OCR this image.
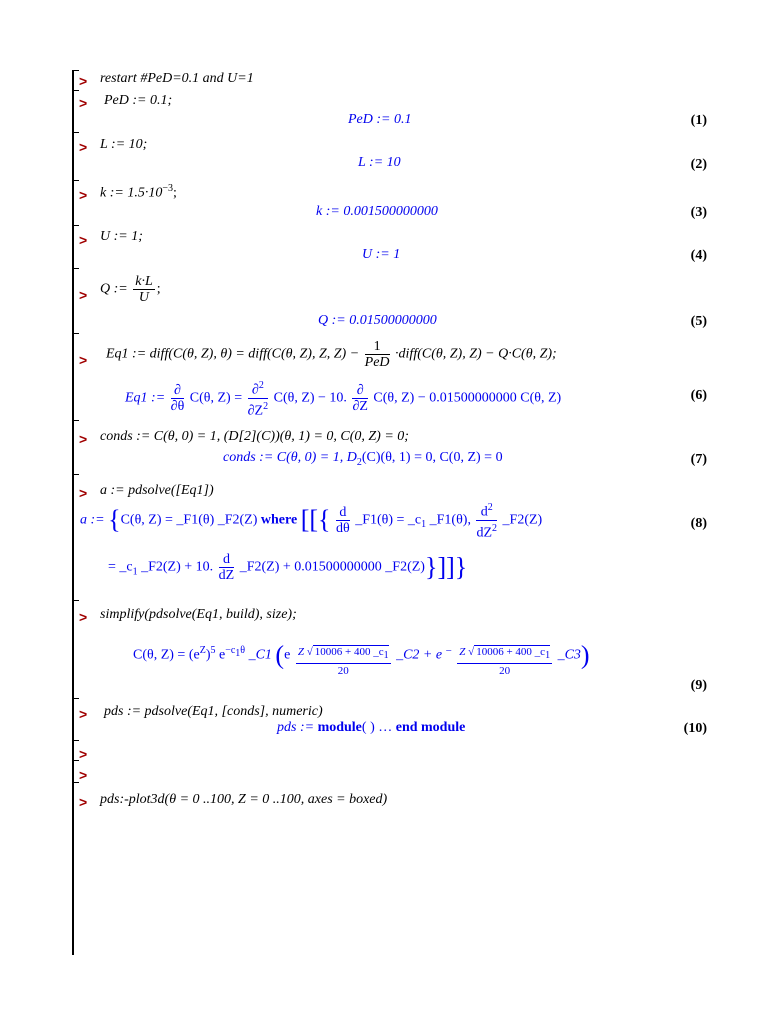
> restart #PeD=0.1 and U=1
> PeD := 0.1;
PeD := 0.1	(1)
> L := 10;
L := 10	(2)
> k := $1.5\cdot 10^{-3}$;
k := 0.001500000000	(3)
> U := 1;
U := 1	(4)
> Q := $\frac{k\cdot L}{U}$ ;
Q := 0.01500000000	(5)
> Eq1 := diff(C(θ, Z), θ) = diff(C(θ, Z), Z, $Z) - \frac{1}{\text{PeD}}$ ·diff(C(θ, Z), Z) − Q·C(θ, Z);
Eq1 := $\frac{\partial}{\partial\theta} C(\theta$, $Z) = \frac{\partial^2}{\partial Z^2} C(\theta$, Z) − 10. $\frac{\partial}{\partial Z} C(\theta$, Z) − 0.01500000000 C(θ, Z)	(6)
> conds := C(θ, 0) = 1, (D[2](C))(θ, 1) = 0, C(0, Z) = 0;
conds := C(θ, 0) = 1, $D_2(C)(\theta$, 1) = 0, C(0, Z) = 0	(7)
> a := pdsolve([Eq1])
a := {C(θ, Z) = _F1(θ) _F2(Z) where [[{ $\frac{d}{d\theta}$ _F1(θ) = $\_c_1$ _F1(θ), $\frac{d^2}{dZ^2}$ _F2(Z)	(8)
= $\_c_1$ _F2(Z) + 10. $\frac{d}{dZ}$ _F2(Z) + 0.01500000000 _F2(Z)}]]}
> simplify(pdsolve(Eq1, build), size);
C(θ, $Z) = (e^Z)^5$ $e^{-c_1\theta}$ _C1 ($e \frac{Z √ 10006 + 400 \_c_1}{20}$ _C2 + e $^- \frac{Z √ 10006 + 400 \_c_1}{20}$ _C3)
(9)
> pds := pdsolve(Eq1, [conds], numeric)
pds := module( ) … end module	(10)
>
>
> pds:-plot3d(θ = 0 ..100, Z = 0 ..100, axes = boxed)
